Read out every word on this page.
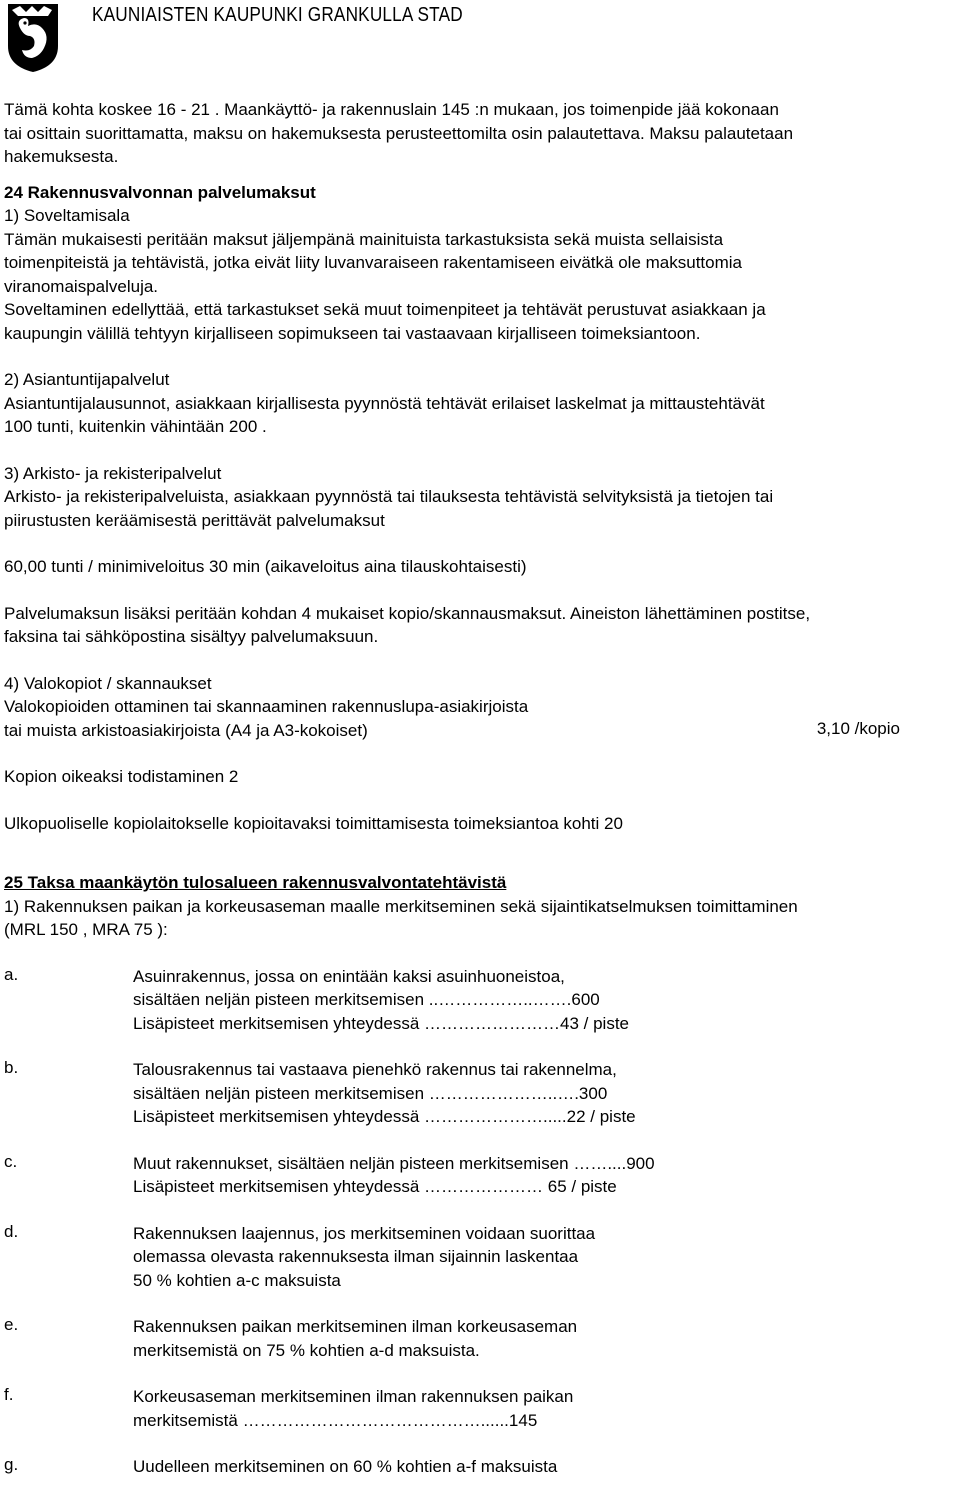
KAUNIAISTEN KAUPUNKI GRANKULLA STAD

Tämä kohta koskee 16 - 21 . Maankäyttö- ja rakennuslain 145 :n mukaan, jos toimenpide jää kokonaan

tai osittain suorittamatta, maksu on hakemuksesta perusteettomilta osin palautettava. Maksu palautetaan

hakemuksesta.

24 Rakennusvalvonnan palvelumaksut

1) Soveltamisala

Tämän mukaisesti peritään maksut jäljempänä mainituista tarkastuksista sekä muista sellaisista

toimenpiteistä ja tehtävistä, jotka eivät liity luvanvaraiseen rakentamiseen eivätkä ole maksuttomia

viranomaispalveluja.

Soveltaminen edellyttää, että tarkastukset sekä muut toimenpiteet ja tehtävät perustuvat asiakkaan ja

kaupungin välillä tehtyyn kirjalliseen sopimukseen tai vastaavaan kirjalliseen toimeksiantoon.

2) Asiantuntijapalvelut

Asiantuntijalausunnot, asiakkaan kirjallisesta pyynnöstä tehtävät erilaiset laskelmat ja mittaustehtävät

100 tunti, kuitenkin vähintään 200 .

3) Arkisto- ja rekisteripalvelut

Arkisto- ja rekisteripalveluista, asiakkaan pyynnöstä tai tilauksesta tehtävistä selvityksistä ja tietojen tai

piirustusten keräämisestä perittävät palvelumaksut

60,00 tunti / minimiveloitus 30 min (aikaveloitus aina tilauskohtaisesti)

Palvelumaksun lisäksi peritään kohdan 4 mukaiset kopio/skannausmaksut. Aineiston lähettäminen postitse,

faksina tai sähköpostina sisältyy palvelumaksuun.

4) Valokopiot / skannaukset

Valokopioiden ottaminen tai skannaaminen rakennuslupa-asiakirjoista

tai muista arkistoasiakirjoista (A4 ja A3-kokoiset)	3,10 /kopio

Kopion oikeaksi todistaminen 2

Ulkopuoliselle kopiolaitokselle kopioitavaksi toimittamisesta toimeksiantoa kohti 20

25 Taksa maankäytön tulosalueen rakennusvalvontatehtävistä

1) Rakennuksen paikan ja korkeusaseman maalle merkitseminen sekä sijaintikatselmuksen toimittaminen

(MRL 150 , MRA 75 ):

a.	Asuinrakennus, jossa on enintään kaksi asuinhuoneistoa,

sisältäen neljän pisteen merkitsemisen ..……………..…….600

Lisäpisteet merkitsemisen yhteydessä ……………………43 / piste

b.	Talousrakennus tai vastaava pienehkö rakennus tai rakennelma,

sisältäen neljän pisteen merkitsemisen …………………..….300

Lisäpisteet merkitsemisen yhteydessä ………………….....22 / piste

c.	Muut rakennukset, sisältäen neljän pisteen merkitsemisen ……....900

Lisäpisteet merkitsemisen yhteydessä ………………… 65 / piste

d.	Rakennuksen laajennus, jos merkitseminen voidaan suorittaa

olemassa olevasta rakennuksesta ilman sijainnin laskentaa

50 % kohtien a-c maksuista

e.	Rakennuksen paikan merkitseminen ilman korkeusaseman

merkitsemistä on 75 % kohtien a-d maksuista.

f.	Korkeusaseman merkitseminen ilman rakennuksen paikan

merkitsemistä ……………………………………......145

g.	Uudelleen merkitseminen on 60 % kohtien a-f maksuista
